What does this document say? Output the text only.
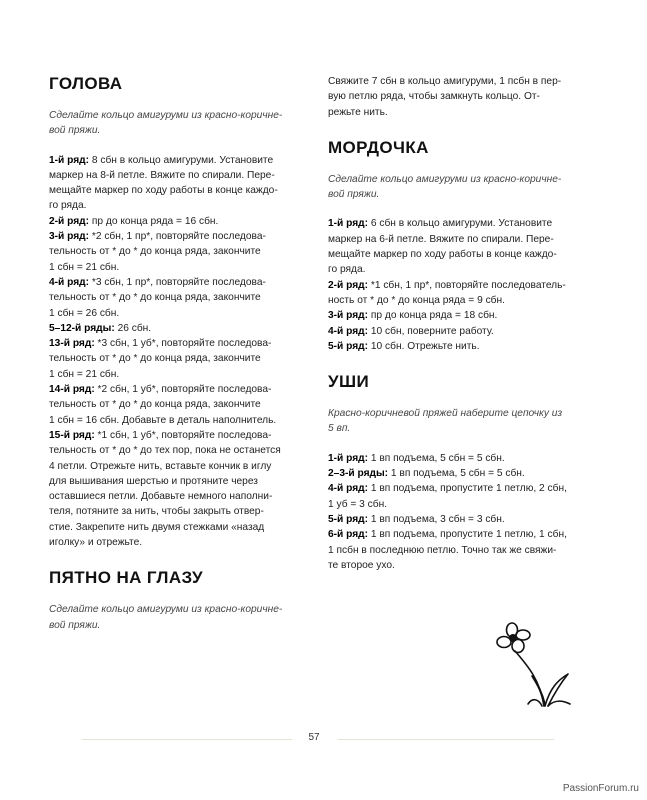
ГОЛОВА

Сделайте кольцо амигуруми из красно-коричне-
вой пряжи.

1-й ряд: 8 сбн в кольцо амигуруми. Установите
маркер на 8-й петле. Вяжите по спирали. Пере-
мещайте маркер по ходу работы в конце каждо-
го ряда.

2-й ряд: пр до конца ряда = 16 сбн.

3-й ряд: *2 сбн, 1 пр*, повторяйте последова-
тельность от * до * до конца ряда, закончите
1 сбн = 21 сбн.

4-й ряд: *3 сбн, 1 пр*, повторяйте последова-
тельность от * до * до конца ряда, закончите
1 сбн = 26 сбн.

5–12-й ряды: 26 сбн.

13-й ряд: *3 сбн, 1 уб*, повторяйте последова-
тельность от * до * до конца ряда, закончите
1 сбн = 21 сбн.

14-й ряд: *2 сбн, 1 уб*, повторяйте последова-
тельность от * до * до конца ряда, закончите
1 сбн = 16 сбн. Добавьте в деталь наполнитель.

15-й ряд: *1 сбн, 1 уб*, повторяйте последова-
тельность от * до * до тех пор, пока не останется
4 петли. Отрежьте нить, вставьте кончик в иглу
для вышивания шерстью и протяните через
оставшиеся петли. Добавьте немного наполни-
теля, потяните за нить, чтобы закрыть отвер-
стие. Закрепите нить двумя стежками «назад
иголку» и отрежьте.

ПЯТНО НА ГЛАЗУ

Сделайте кольцо амигуруми из красно-коричне-
вой пряжи.

Свяжите 7 сбн в кольцо амигуруми, 1 псбн в пер-
вую петлю ряда, чтобы замкнуть кольцо. От-
режьте нить.

МОРДОЧКА

Сделайте кольцо амигуруми из красно-коричне-
вой пряжи.

1-й ряд: 6 сбн в кольцо амигуруми. Установите
маркер на 6-й петле. Вяжите по спирали. Пере-
мещайте маркер по ходу работы в конце каждо-
го ряда.

2-й ряд: *1 сбн, 1 пр*, повторяйте последователь-
ность от * до * до конца ряда = 9 сбн.

3-й ряд: пр до конца ряда = 18 сбн.

4-й ряд: 10 сбн, поверните работу.

5-й ряд: 10 сбн. Отрежьте нить.

УШИ

Красно-коричневой пряжей наберите цепочку из
5 вп.

1-й ряд: 1 вп подъема, 5 сбн = 5 сбн.

2–3-й ряды: 1 вп подъема, 5 сбн = 5 сбн.

4-й ряд: 1 вп подъема, пропустите 1 петлю, 2 сбн,
1 уб = 3 сбн.

5-й ряд: 1 вп подъема, 3 сбн = 3 сбн.

6-й ряд: 1 вп подъема, пропустите 1 петлю, 1 сбн,
1 псбн в последнюю петлю. Точно так же свяжи-
те второе ухо.

57
PassionForum.ru
